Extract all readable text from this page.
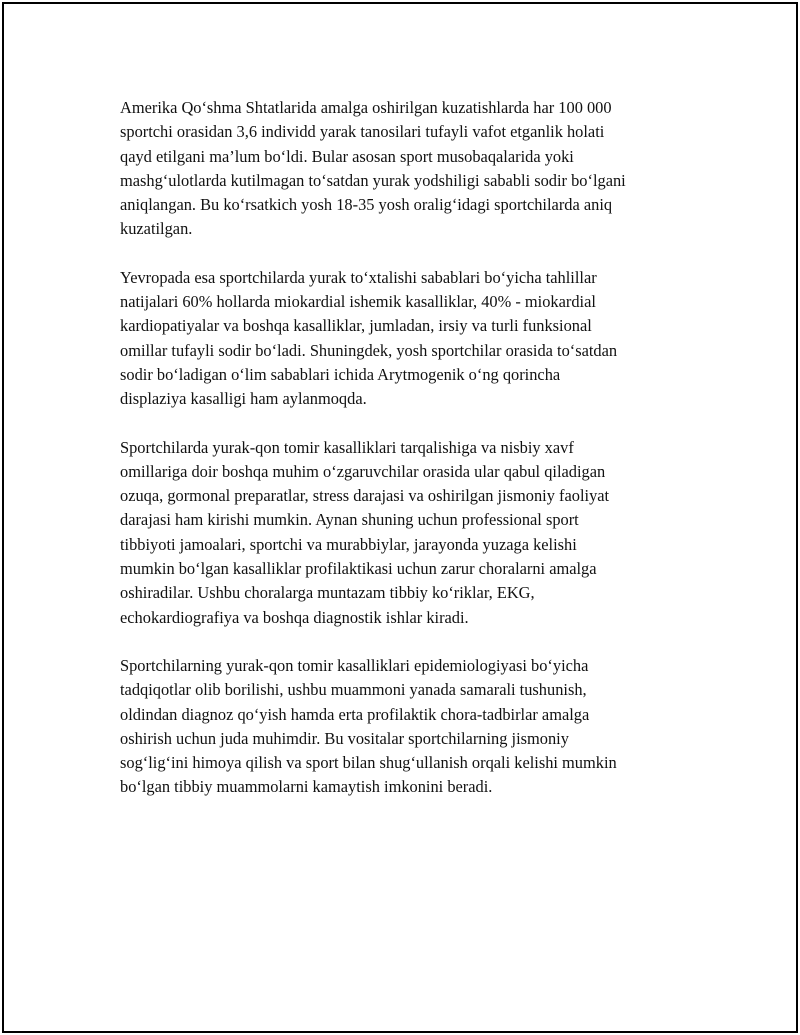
Amerika Qo‘shma Shtatlarida amalga oshirilgan kuzatishlarda har 100 000
sportchi orasidan 3,6 individd yarak tanosilari tufayli vafot etganlik holati
qayd etilgani ma’lum bo‘ldi. Bular asosan sport musobaqalarida yoki
mashg‘ulotlarda kutilmagan to‘satdan yurak yodshiligi sababli sodir bo‘lgani
aniqlangan. Bu ko‘rsatkich yosh 18-35 yosh oralig‘idagi sportchilarda aniq
kuzatilgan.

Yevropada esa sportchilarda yurak to‘xtalishi sabablari bo‘yicha tahlillar
natijalari 60% hollarda miokardial ishemik kasalliklar, 40% - miokardial
kardiopatiyalar va boshqa kasalliklar, jumladan, irsiy va turli funksional
omillar tufayli sodir bo‘ladi. Shuningdek, yosh sportchilar orasida to‘satdan
sodir bo‘ladigan o‘lim sabablari ichida Arytmogenik o‘ng qorincha
displaziya kasalligi ham aylanmoqda.

Sportchilarda yurak-qon tomir kasalliklari tarqalishiga va nisbiy xavf
omillariga doir boshqa muhim o‘zgaruvchilar orasida ular qabul qiladigan
ozuqa, gormonal preparatlar, stress darajasi va oshirilgan jismoniy faoliyat
darajasi ham kirishi mumkin. Aynan shuning uchun professional sport
tibbiyoti jamoalari, sportchi va murabbiylar, jarayonda yuzaga kelishi
mumkin bo‘lgan kasalliklar profilaktikasi uchun zarur choralarni amalga
oshiradilar. Ushbu choralarga muntazam tibbiy ko‘riklar, EKG,
echokardiografiya va boshqa diagnostik ishlar kiradi.

Sportchilarning yurak-qon tomir kasalliklari epidemiologiyasi bo‘yicha
tadqiqotlar olib borilishi, ushbu muammoni yanada samarali tushunish,
oldindan diagnoz qo‘yish hamda erta profilaktik chora-tadbirlar amalga
oshirish uchun juda muhimdir. Bu vositalar sportchilarning jismoniy
sog‘lig‘ini himoya qilish va sport bilan shug‘ullanish orqali kelishi mumkin
bo‘lgan tibbiy muammolarni kamaytish imkonini beradi.
